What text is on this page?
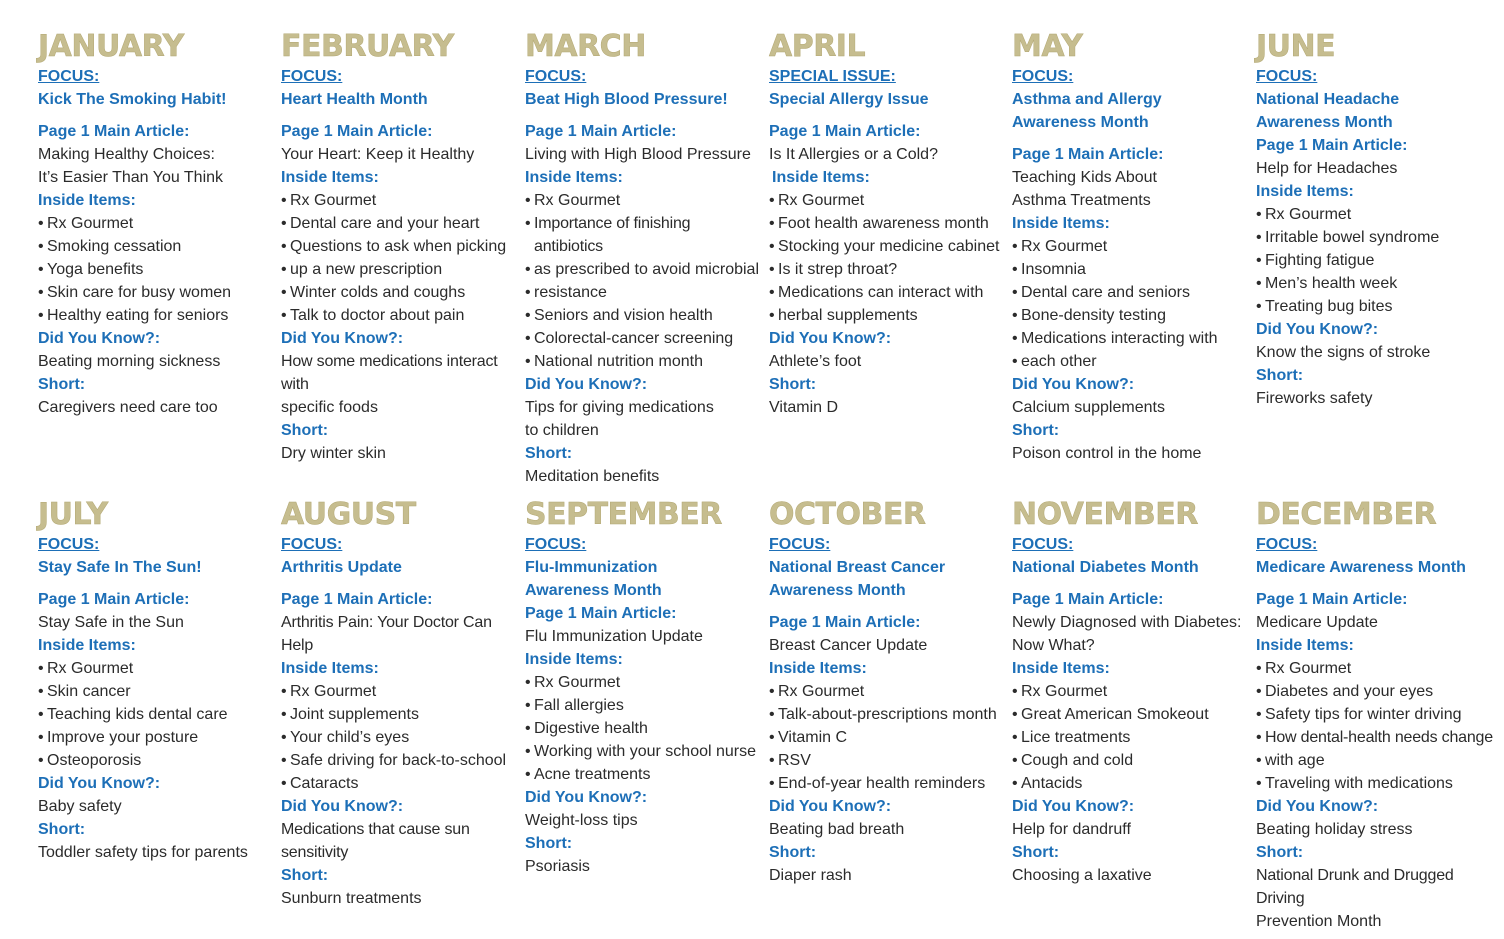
JANUARY
FOCUS:
Kick The Smoking Habit!
Page 1 Main Article:
Making Healthy Choices:
It’s Easier Than You Think
Inside Items:
• Rx Gourmet
• Smoking cessation
• Yoga benefits
• Skin care for busy women
• Healthy eating for seniors
Did You Know?:
Beating morning sickness
Short:
Caregivers need care too
FEBRUARY
FOCUS:
Heart Health Month
Page 1 Main Article:
Your Heart: Keep it Healthy
Inside Items:
• Rx Gourmet
• Dental care and your heart
• Questions to ask when picking
• up a new prescription
• Winter colds and coughs
• Talk to doctor about pain
Did You Know?:
How some medications interact with
specific foods
Short:
Dry winter skin
MARCH
FOCUS:
Beat High Blood Pressure!
Page 1 Main Article:
Living with High Blood Pressure
Inside Items:
• Rx Gourmet
• Importance of finishing antibiotics
• as prescribed to avoid microbial
• resistance
• Seniors and vision health
• Colorectal-cancer screening
• National nutrition month
Did You Know?:
Tips for giving medications
to children
Short:
Meditation benefits
APRIL
SPECIAL ISSUE:
Special Allergy Issue
Page 1 Main Article:
Is It Allergies or a Cold?
Inside Items:
• Rx Gourmet
• Foot health awareness month
• Stocking your medicine cabinet
• Is it strep throat?
• Medications can interact with
• herbal supplements
Did You Know?:
Athlete’s foot
Short:
Vitamin D
MAY
FOCUS:
Asthma and Allergy
Awareness Month
Page 1 Main Article:
Teaching Kids About
Asthma Treatments
Inside Items:
• Rx Gourmet
• Insomnia
• Dental care and seniors
• Bone-density testing
• Medications interacting with
• each other
Did You Know?:
Calcium supplements
Short:
Poison control in the home
JUNE
FOCUS:
National Headache
Awareness Month
Page 1 Main Article:
Help for Headaches
Inside Items:
• Rx Gourmet
• Irritable bowel syndrome
• Fighting fatigue
• Men’s health week
• Treating bug bites
Did You Know?:
Know the signs of stroke
Short:
Fireworks safety
JULY
FOCUS:
Stay Safe In The Sun!
Page 1 Main Article:
Stay Safe in the Sun
Inside Items:
• Rx Gourmet
• Skin cancer
• Teaching kids dental care
• Improve your posture
• Osteoporosis
Did You Know?:
Baby safety
Short:
Toddler safety tips for parents
AUGUST
FOCUS:
Arthritis Update
Page 1 Main Article:
Arthritis Pain: Your Doctor Can Help
Inside Items:
• Rx Gourmet
• Joint supplements
• Your child’s eyes
• Safe driving for back-to-school
• Cataracts
Did You Know?:
Medications that cause sun sensitivity
Short:
Sunburn treatments
SEPTEMBER
FOCUS:
Flu-Immunization
Awareness Month
Page 1 Main Article:
Flu Immunization Update
Inside Items:
• Rx Gourmet
• Fall allergies
• Digestive health
• Working with your school nurse
• Acne treatments
Did You Know?:
Weight-loss tips
Short:
Psoriasis
OCTOBER
FOCUS:
National Breast Cancer
Awareness Month
Page 1 Main Article:
Breast Cancer Update
Inside Items:
• Rx Gourmet
• Talk-about-prescriptions month
• Vitamin C
• RSV
• End-of-year health reminders
Did You Know?:
Beating bad breath
Short:
Diaper rash
NOVEMBER
FOCUS:
National Diabetes Month
Page 1 Main Article:
Newly Diagnosed with Diabetes:
Now What?
Inside Items:
• Rx Gourmet
• Great American Smokeout
• Lice treatments
• Cough and cold
• Antacids
Did You Know?:
Help for dandruff
Short:
Choosing a laxative
DECEMBER
FOCUS:
Medicare Awareness Month
Page 1 Main Article:
Medicare Update
Inside Items:
• Rx Gourmet
• Diabetes and your eyes
• Safety tips for winter driving
• How dental-health needs change
• with age
• Traveling with medications
Did You Know?:
Beating holiday stress
Short:
National Drunk and Drugged Driving
Prevention Month
